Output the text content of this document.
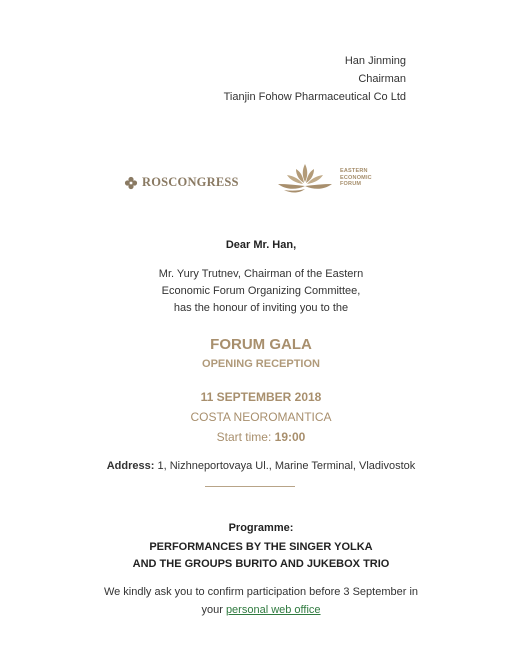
Han Jinming
Chairman
Tianjin Fohow Pharmaceutical Co Ltd
ROSCONGRESS
EASTERN
ECONOMIC
FORUM
Dear Mr. Han,
Mr. Yury Trutnev, Chairman of the Eastern
Economic Forum Organizing Committee,
has the honour of inviting you to the
FORUM GALA
OPENING RECEPTION
11 SEPTEMBER 2018
COSTA NEOROMANTICA
Start time: 19:00
Address: 1, Nizhneportovaya Ul., Marine Terminal, Vladivostok
Programme:
PERFORMANCES BY THE SINGER YOLKA
AND THE GROUPS BURITO AND JUKEBOX TRIO
We kindly ask you to confirm participation before 3 September in
your personal web office
